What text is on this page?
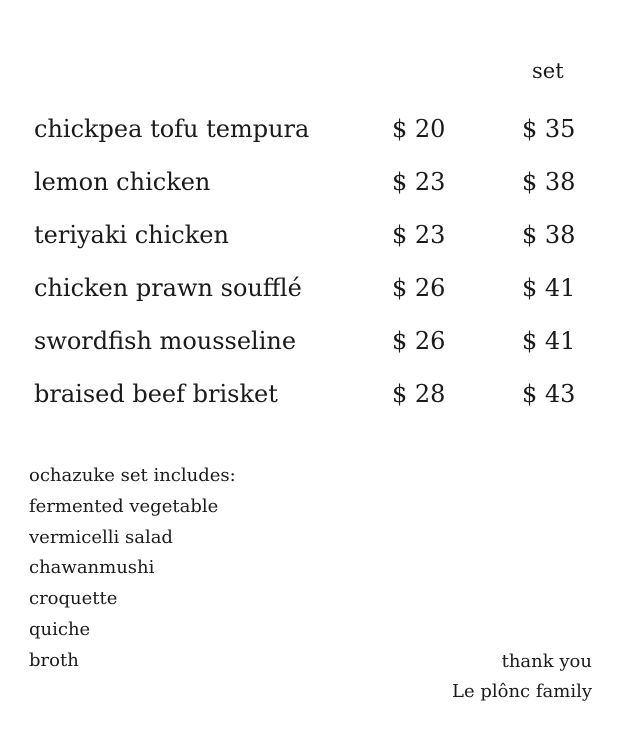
set
chickpea tofu tempura	$ 20	$ 35
lemon chicken	$ 23	$ 38
teriyaki chicken	$ 23	$ 38
chicken prawn soufflé	$ 26	$ 41
swordfish mousseline	$ 26	$ 41
braised beef brisket	$ 28	$ 43
ochazuke set includes:
fermented vegetable
vermicelli salad
chawanmushi
croquette
quiche
broth	thank you
Le plônc family
